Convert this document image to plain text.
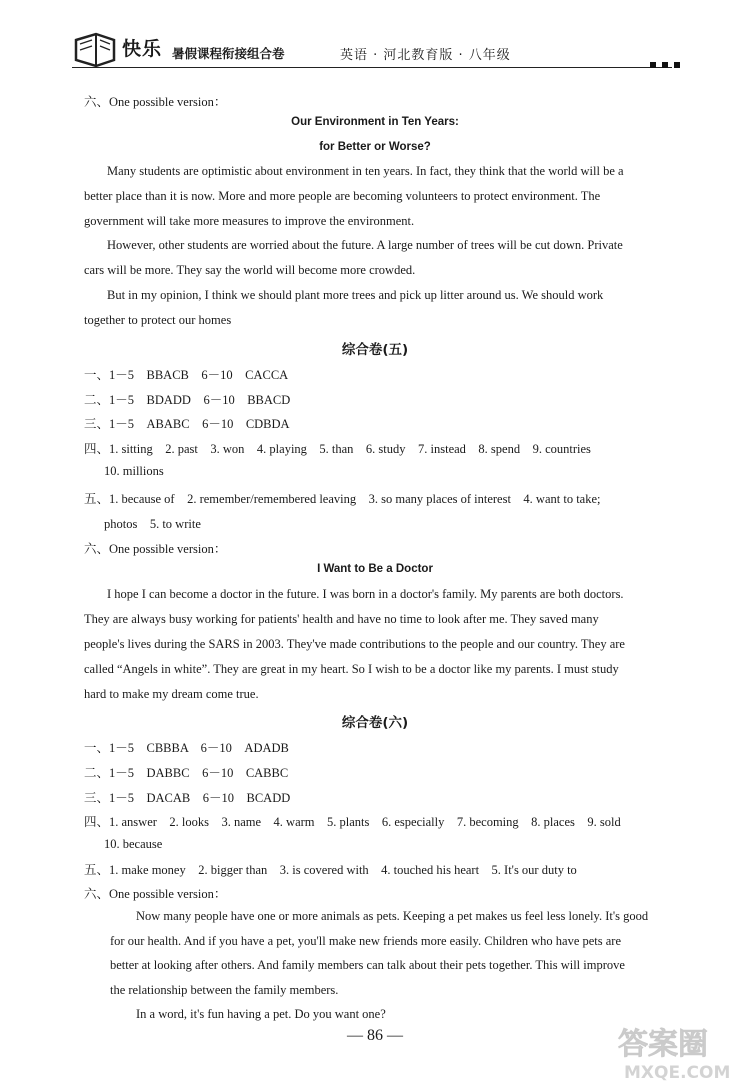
快乐 暑假课程衔接组合卷	英语 · 河北教育版 · 八年级
六、One possible version：
Our Environment in Ten Years:
for Better or Worse?
Many students are optimistic about environment in ten years. In fact, they think that the world will be a
better place than it is now. More and more people are becoming volunteers to protect environment. The
government will take more measures to improve the environment.
However, other students are worried about the future. A large number of trees will be cut down. Private
cars will be more. They say the world will become more crowded.
But in my opinion, I think we should plant more trees and pick up litter around us. We should work
together to protect our homes
综合卷(五)
一、1－5　BBACB　6－10　CACCA
二、1－5　BDADD　6－10　BBACD
三、1－5　ABABC　6－10　CDBDA
四、1. sitting　2. past　3. won　4. playing　5. than　6. study　7. instead　8. spend　9. countries
10. millions
五、1. because of　2. remember/remembered leaving　3. so many places of interest　4. want to take;
photos　5. to write
六、One possible version：
I Want to Be a Doctor
I hope I can become a doctor in the future. I was born in a doctor's family. My parents are both doctors.
They are always busy working for patients' health and have no time to look after me. They saved many
people's lives during the SARS in 2003. They've made contributions to the people and our country. They are
called “Angels in white”. They are great in my heart. So I wish to be a doctor like my parents. I must study
hard to make my dream come true.
综合卷(六)
一、1－5　CBBBA　6－10　ADADB
二、1－5　DABBC　6－10　CABBC
三、1－5　DACAB　6－10　BCADD
四、1. answer　2. looks　3. name　4. warm　5. plants　6. especially　7. becoming　8. places　9. sold
10. because
五、1. make money　2. bigger than　3. is covered with　4. touched his heart　5. It's our duty to
六、One possible version：
Now many people have one or more animals as pets. Keeping a pet makes us feel less lonely. It's good
for our health. And if you have a pet, you'll make new friends more easily. Children who have pets are
better at looking after others. And family members can talk about their pets together. This will improve
the relationship between the family members.
In a word, it's fun having a pet. Do you want one?
— 86 —	答案圈
MXQE.COM
